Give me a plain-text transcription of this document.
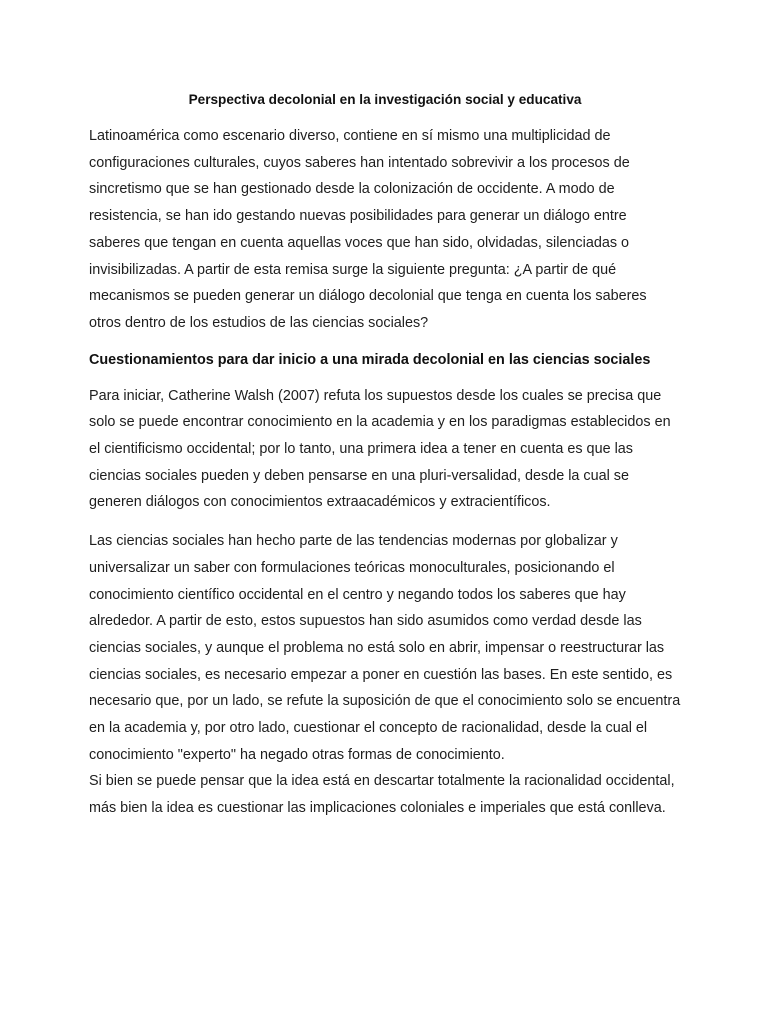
Perspectiva decolonial en la investigación social y educativa

Latinoamérica como escenario diverso, contiene en sí mismo una multiplicidad de configuraciones culturales, cuyos saberes han intentado sobrevivir a los procesos de sincretismo que se han gestionado desde la colonización de occidente. A modo de resistencia, se han ido gestando nuevas posibilidades para generar un diálogo entre saberes que tengan en cuenta aquellas voces que han sido, olvidadas, silenciadas o invisibilizadas. A partir de esta remisa surge la siguiente pregunta: ¿A partir de qué mecanismos se pueden generar un diálogo decolonial que tenga en cuenta los saberes otros dentro de los estudios de las ciencias sociales?

Cuestionamientos para dar inicio a una mirada decolonial en las ciencias sociales

Para iniciar, Catherine Walsh (2007) refuta los supuestos desde los cuales se precisa que solo se puede encontrar conocimiento en la academia y en los paradigmas establecidos en el cientificismo occidental; por lo tanto, una primera idea a tener en cuenta es que las ciencias sociales pueden y deben pensarse en una pluri-versalidad, desde la cual se generen diálogos con conocimientos extraacadémicos y extracientíficos.

Las ciencias sociales han hecho parte de las tendencias modernas por globalizar y universalizar un saber con formulaciones teóricas monoculturales, posicionando el conocimiento científico occidental en el centro y negando todos los saberes que hay alrededor. A partir de esto, estos supuestos han sido asumidos como verdad desde las ciencias sociales, y aunque el problema no está solo en abrir, impensar o reestructurar las ciencias sociales, es necesario empezar a poner en cuestión las bases. En este sentido, es necesario que, por un lado, se refute la suposición de que el conocimiento solo se encuentra en la academia y, por otro lado, cuestionar el concepto de racionalidad, desde la cual el conocimiento "experto" ha negado otras formas de conocimiento.

Si bien se puede pensar que la idea está en descartar totalmente la racionalidad occidental, más bien la idea es cuestionar las implicaciones coloniales e imperiales que está conlleva.
